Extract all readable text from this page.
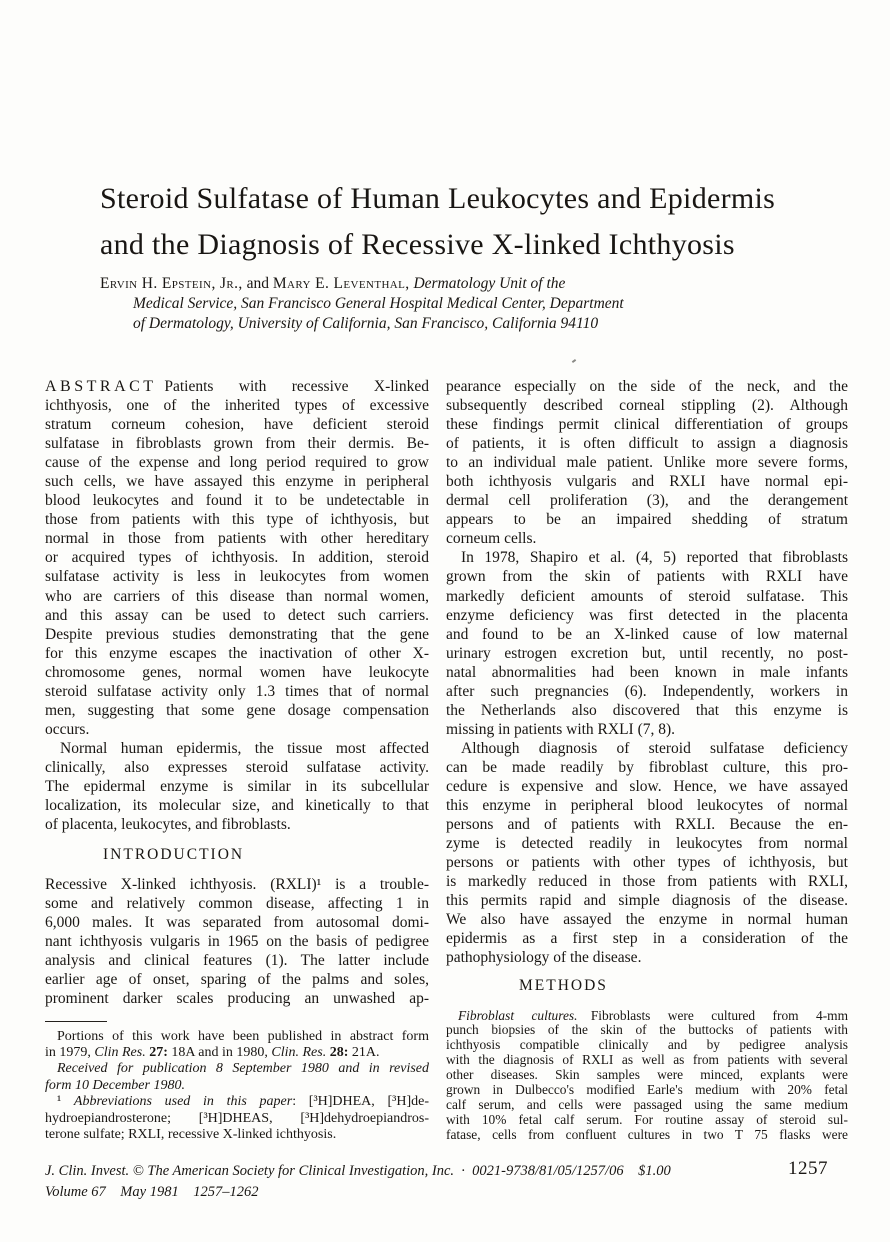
Steroid Sulfatase of Human Leukocytes and Epidermis
and the Diagnosis of Recessive X-linked Ichthyosis
Ervin H. Epstein, Jr., and Mary E. Leventhal, Dermatology Unit of the
Medical Service, San Francisco General Hospital Medical Center, Department
of Dermatology, University of California, San Francisco, California 94110
ABSTRACT Patients with recessive X-linked
ichthyosis, one of the inherited types of excessive
stratum corneum cohesion, have deficient steroid
sulfatase in fibroblasts grown from their dermis. Be-
cause of the expense and long period required to grow
such cells, we have assayed this enzyme in peripheral
blood leukocytes and found it to be undetectable in
those from patients with this type of ichthyosis, but
normal in those from patients with other hereditary
or acquired types of ichthyosis. In addition, steroid
sulfatase activity is less in leukocytes from women
who are carriers of this disease than normal women,
and this assay can be used to detect such carriers.
Despite previous studies demonstrating that the gene
for this enzyme escapes the inactivation of other X-
chromosome genes, normal women have leukocyte
steroid sulfatase activity only 1.3 times that of normal
men, suggesting that some gene dosage compensation
occurs.
Normal human epidermis, the tissue most affected
clinically, also expresses steroid sulfatase activity.
The epidermal enzyme is similar in its subcellular
localization, its molecular size, and kinetically to that
of placenta, leukocytes, and fibroblasts.
INTRODUCTION
Recessive X-linked ichthyosis. (RXLI)¹ is a trouble-
some and relatively common disease, affecting 1 in
6,000 males. It was separated from autosomal domi-
nant ichthyosis vulgaris in 1965 on the basis of pedigree
analysis and clinical features (1). The latter include
earlier age of onset, sparing of the palms and soles,
prominent darker scales producing an unwashed ap-
Portions of this work have been published in abstract form
in 1979, Clin Res. 27: 18A and in 1980, Clin. Res. 28: 21A.
Received for publication 8 September 1980 and in revised
form 10 December 1980.
¹ Abbreviations used in this paper: [³H]DHEA, [³H]de-
hydroepiandrosterone; [³H]DHEAS, [³H]dehydroepiandros-
terone sulfate; RXLI, recessive X-linked ichthyosis.
pearance especially on the side of the neck, and the
subsequently described corneal stippling (2). Although
these findings permit clinical differentiation of groups
of patients, it is often difficult to assign a diagnosis
to an individual male patient. Unlike more severe forms,
both ichthyosis vulgaris and RXLI have normal epi-
dermal cell proliferation (3), and the derangement
appears to be an impaired shedding of stratum
corneum cells.
In 1978, Shapiro et al. (4, 5) reported that fibroblasts
grown from the skin of patients with RXLI have
markedly deficient amounts of steroid sulfatase. This
enzyme deficiency was first detected in the placenta
and found to be an X-linked cause of low maternal
urinary estrogen excretion but, until recently, no post-
natal abnormalities had been known in male infants
after such pregnancies (6). Independently, workers in
the Netherlands also discovered that this enzyme is
missing in patients with RXLI (7, 8).
Although diagnosis of steroid sulfatase deficiency
can be made readily by fibroblast culture, this pro-
cedure is expensive and slow. Hence, we have assayed
this enzyme in peripheral blood leukocytes of normal
persons and of patients with RXLI. Because the en-
zyme is detected readily in leukocytes from normal
persons or patients with other types of ichthyosis, but
is markedly reduced in those from patients with RXLI,
this permits rapid and simple diagnosis of the disease.
We also have assayed the enzyme in normal human
epidermis as a first step in a consideration of the
pathophysiology of the disease.
METHODS
Fibroblast cultures.  Fibroblasts were cultured from 4-mm
punch biopsies of the skin of the buttocks of patients with
ichthyosis compatible clinically and by pedigree analysis
with the diagnosis of RXLI as well as from patients with several
other diseases. Skin samples were minced, explants were
grown in Dulbecco's modified Earle's medium with 20% fetal
calf serum, and cells were passaged using the same medium
with 10% fetal calf serum. For routine assay of steroid sul-
fatase, cells from confluent cultures in two T 75 flasks were
J. Clin. Invest. © The American Society for Clinical Investigation, Inc. · 0021-9738/81/05/1257/06 $1.00
Volume 67 May 1981 1257–1262
1257
